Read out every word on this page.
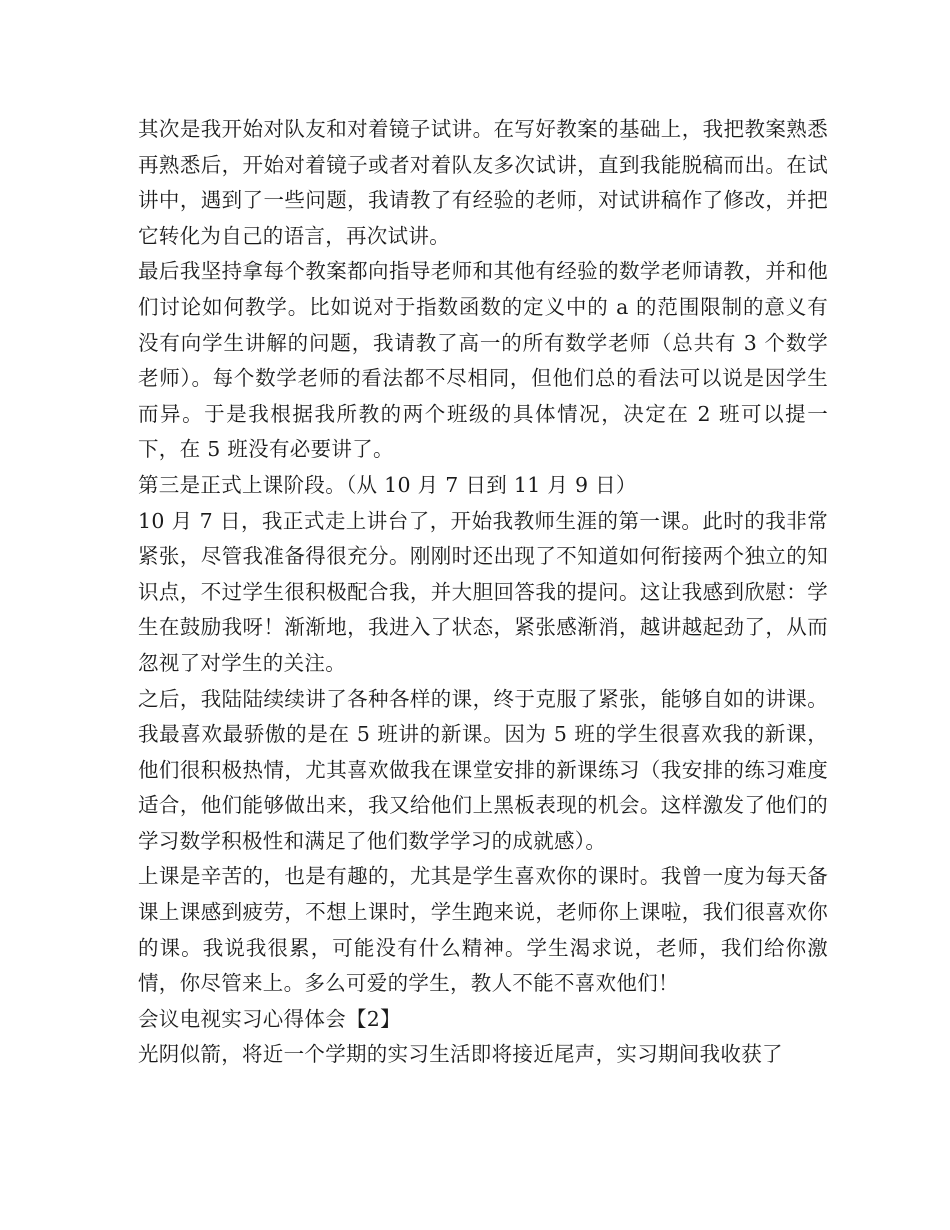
其次是我开始对队友和对着镜子试讲。在写好教案的基础上，我把教案熟悉再熟悉后，开始对着镜子或者对着队友多次试讲，直到我能脱稿而出。在试讲中，遇到了一些问题，我请教了有经验的老师，对试讲稿作了修改，并把它转化为自己的语言，再次试讲。

最后我坚持拿每个教案都向指导老师和其他有经验的数学老师请教，并和他们讨论如何教学。比如说对于指数函数的定义中的 a 的范围限制的意义有没有向学生讲解的问题，我请教了高一的所有数学老师（总共有 3 个数学老师）。每个数学老师的看法都不尽相同，但他们总的看法可以说是因学生而异。于是我根据我所教的两个班级的具体情况，决定在 2 班可以提一下，在 5 班没有必要讲了。

第三是正式上课阶段。（从 10 月 7 日到 11 月 9 日）

10 月 7 日，我正式走上讲台了，开始我教师生涯的第一课。此时的我非常紧张，尽管我准备得很充分。刚刚时还出现了不知道如何衔接两个独立的知识点，不过学生很积极配合我，并大胆回答我的提问。这让我感到欣慰：学生在鼓励我呀！渐渐地，我进入了状态，紧张感渐消，越讲越起劲了，从而忽视了对学生的关注。

之后，我陆陆续续讲了各种各样的课，终于克服了紧张，能够自如的讲课。我最喜欢最骄傲的是在 5 班讲的新课。因为 5 班的学生很喜欢我的新课，他们很积极热情，尤其喜欢做我在课堂安排的新课练习（我安排的练习难度适合，他们能够做出来，我又给他们上黑板表现的机会。这样激发了他们的学习数学积极性和满足了他们数学学习的成就感）。

上课是辛苦的，也是有趣的，尤其是学生喜欢你的课时。我曾一度为每天备课上课感到疲劳，不想上课时，学生跑来说，老师你上课啦，我们很喜欢你的课。我说我很累，可能没有什么精神。学生渴求说，老师，我们给你激情，你尽管来上。多么可爱的学生，教人不能不喜欢他们！

会议电视实习心得体会【2】

光阴似箭，将近一个学期的实习生活即将接近尾声，实习期间我收获了
